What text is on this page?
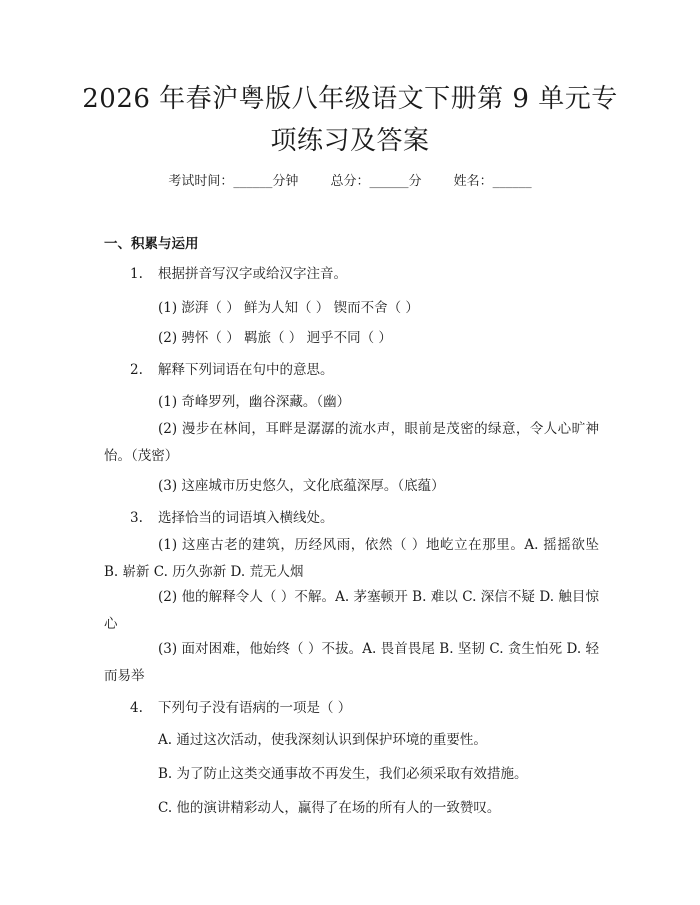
2026 年春沪粤版八年级语文下册第 9 单元专
项练习及答案
考试时间：______分钟 总分：______分 姓名：______
一、积累与运用
1. 根据拼音写汉字或给汉字注音。
(1) 澎湃（ ） 鲜为人知（ ） 锲而不舍（ ）
(2) 骋怀（ ） 羁旅（ ） 迥乎不同（ ）
2. 解释下列词语在句中的意思。
(1) 奇峰罗列，幽谷深藏。（幽）
(2) 漫步在林间，耳畔是潺潺的流水声，眼前是茂密的绿意，令人心旷神怡。（茂密）
(3) 这座城市历史悠久，文化底蕴深厚。（底蕴）
3. 选择恰当的词语填入横线处。
(1) 这座古老的建筑，历经风雨，依然（ ）地屹立在那里。A. 摇摇欲坠 B. 崭新 C. 历久弥新 D. 荒无人烟
(2) 他的解释令人（ ）不解。A. 茅塞顿开 B. 难以 C. 深信不疑 D. 触目惊心
(3) 面对困难，他始终（ ）不拔。A. 畏首畏尾 B. 坚韧 C. 贪生怕死 D. 轻而易举
4. 下列句子没有语病的一项是（ ）
A. 通过这次活动，使我深刻认识到保护环境的重要性。
B. 为了防止这类交通事故不再发生，我们必须采取有效措施。
C. 他的演讲精彩动人，赢得了在场的所有人的一致赞叹。
